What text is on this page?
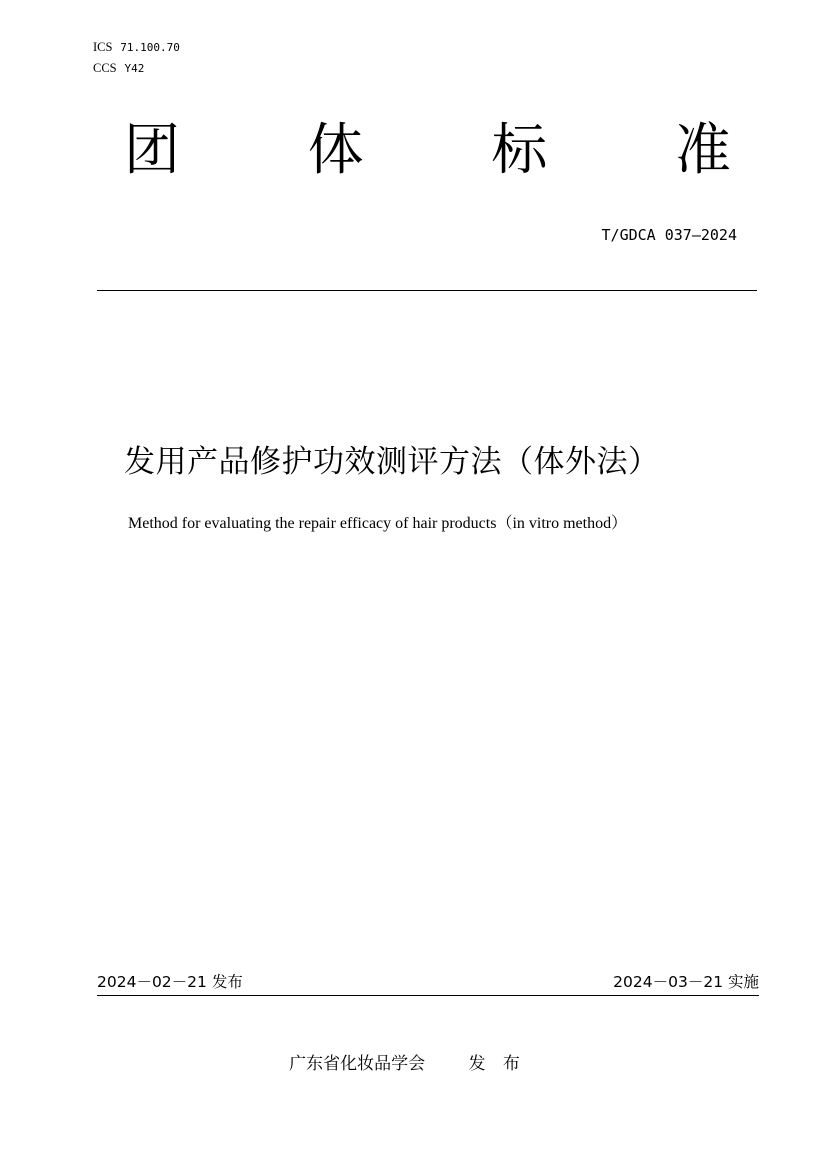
ICS 71.100.70
CCS Y42
团 体 标 准
T/GDCA 037—2024
发用产品修护功效测评方法（体外法）
Method for evaluating the repair efficacy of hair products（in vitro method）
2024－02－21 发布	2024－03－21 实施
广东省化妆品学会	发 布
